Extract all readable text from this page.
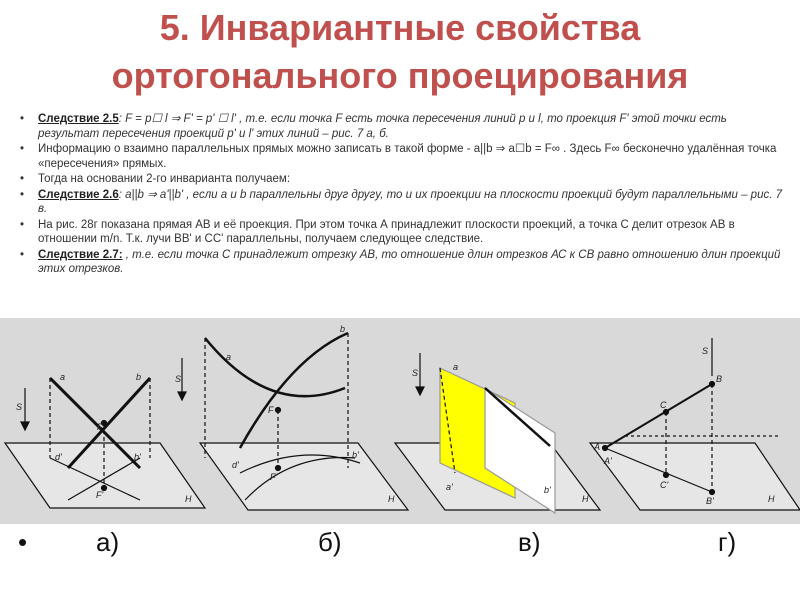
5. Инвариантные свойства
ортогонального проецирования
• Следствие 2.5: F = p☐ l ⇒ F' = p' ☐ l' , т.е. если точка F есть точка пересечения линий p и l, то проекция F' этой точки есть результат пересечения проекций p' и l' этих линий – рис. 7 а, б.
• Информацию о взаимно параллельных прямых можно записать в такой форме - a||b ⇒ a☐b = F∞ . Здесь F∞ бесконечно удалённая точка «пересечения» прямых.
• Тогда на основании 2-го инварианта получаем:
• Следствие 2.6: a||b ⇒ a'||b' , если a и b параллельны друг другу, то и их проекции на плоскости проекций будут параллельными – рис. 7 в.
• На рис. 28г показана прямая АВ и её проекция. При этом точка А принадлежит плоскости проекций, а точка С делит отрезок АВ в отношении m/n. Т.к. лучи ВВ' и СС' параллельны, получаем следующее следствие.
• Следствие 2.7: , т.е. если точка С принадлежит отрезку АВ, то отношение длин отрезков АС к СВ равно отношению длин проекций этих отрезков.
a	b
F
d'	b'
F'	H
S
a
b
F
d'
b'
F'
H
S
a
a'	b'
H
S
A
A'
B
B'
C
C'
H
S
•	а)	б)	в)	г)
